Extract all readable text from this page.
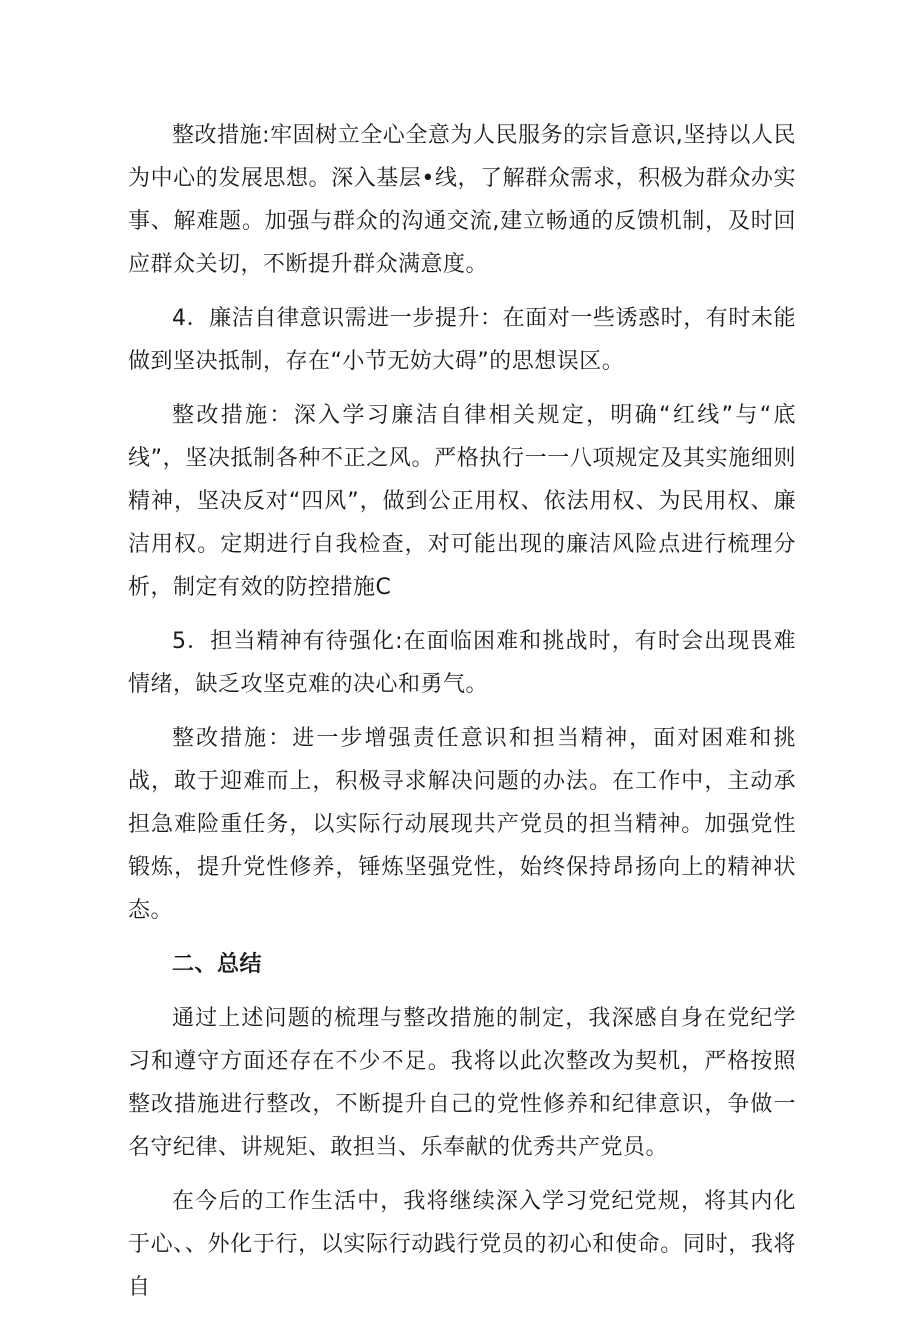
整改措施:牢固树立全心全意为人民服务的宗旨意识,坚持以人民为中心的发展思想。深入基层•线，了解群众需求，积极为群众办实事、解难题。加强与群众的沟通交流,建立畅通的反馈机制，及时回应群众关切，不断提升群众满意度。

4．廉洁自律意识需进一步提升：在面对一些诱惑时，有时未能做到坚决抵制，存在“小节无妨大碍”的思想误区。

整改措施：深入学习廉洁自律相关规定，明确“红线”与“底线”，坚决抵制各种不正之风。严格执行一一八项规定及其实施细则精神，坚决反对“四风”，做到公正用权、依法用权、为民用权、廉洁用权。定期进行自我检查，对可能出现的廉洁风险点进行梳理分析，制定有效的防控措施C

5．担当精神有待强化:在面临困难和挑战时，有时会出现畏难情绪，缺乏攻坚克难的决心和勇气。

整改措施：进一步增强责任意识和担当精神，面对困难和挑战，敢于迎难而上，积极寻求解决问题的办法。在工作中，主动承担急难险重任务，以实际行动展现共产党员的担当精神。加强党性锻炼，提升党性修养，锤炼坚强党性，始终保持昂扬向上的精神状态。

二、总结

通过上述问题的梳理与整改措施的制定，我深感自身在党纪学习和遵守方面还存在不少不足。我将以此次整改为契机，严格按照整改措施进行整改，不断提升自己的党性修养和纪律意识，争做一名守纪律、讲规矩、敢担当、乐奉献的优秀共产党员。

在今后的工作生活中，我将继续深入学习党纪党规，将其内化于心、、外化于行，以实际行动践行党员的初心和使命。同时，我将自
